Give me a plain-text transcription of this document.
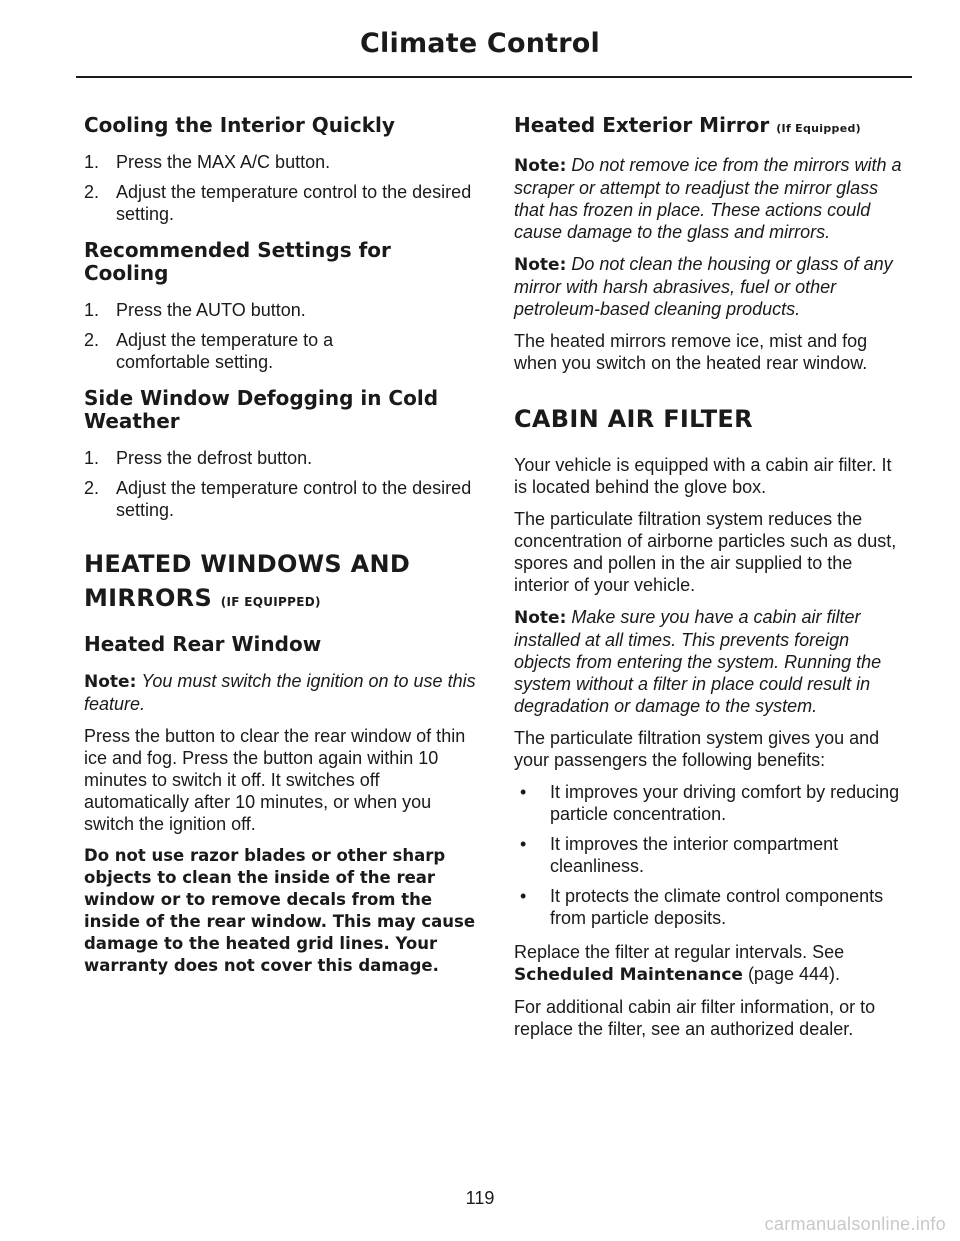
Climate Control
Cooling the Interior Quickly
1. Press the MAX A/C button.
2. Adjust the temperature control to the desired setting.
Recommended Settings for Cooling
1. Press the AUTO button.
2. Adjust the temperature to a comfortable setting.
Side Window Defogging in Cold Weather
1. Press the defrost button.
2. Adjust the temperature control to the desired setting.
HEATED WINDOWS AND
MIRRORS (IF EQUIPPED)
Heated Rear Window

Note: You must switch the ignition on to use this feature.

Press the button to clear the rear window of thin ice and fog. Press the button again within 10 minutes to switch it off. It switches off automatically after 10 minutes, or when you switch the ignition off.

Do not use razor blades or other sharp objects to clean the inside of the rear window or to remove decals from the inside of the rear window. This may cause damage to the heated grid lines. Your warranty does not cover this damage.

Heated Exterior Mirror (If Equipped)

Note: Do not remove ice from the mirrors with a scraper or attempt to readjust the mirror glass that has frozen in place. These actions could cause damage to the glass and mirrors.

Note: Do not clean the housing or glass of any mirror with harsh abrasives, fuel or other petroleum-based cleaning products.

The heated mirrors remove ice, mist and fog when you switch on the heated rear window.

CABIN AIR FILTER

Your vehicle is equipped with a cabin air filter. It is located behind the glove box.

The particulate filtration system reduces the concentration of airborne particles such as dust, spores and pollen in the air supplied to the interior of your vehicle.

Note: Make sure you have a cabin air filter installed at all times. This prevents foreign objects from entering the system. Running the system without a filter in place could result in degradation or damage to the system.

The particulate filtration system gives you and your passengers the following benefits:

• It improves your driving comfort by reducing particle concentration.
• It improves the interior compartment cleanliness.
• It protects the climate control components from particle deposits.

Replace the filter at regular intervals. See Scheduled Maintenance (page 444).

For additional cabin air filter information, or to replace the filter, see an authorized dealer.

119
carmanualsonline.info
